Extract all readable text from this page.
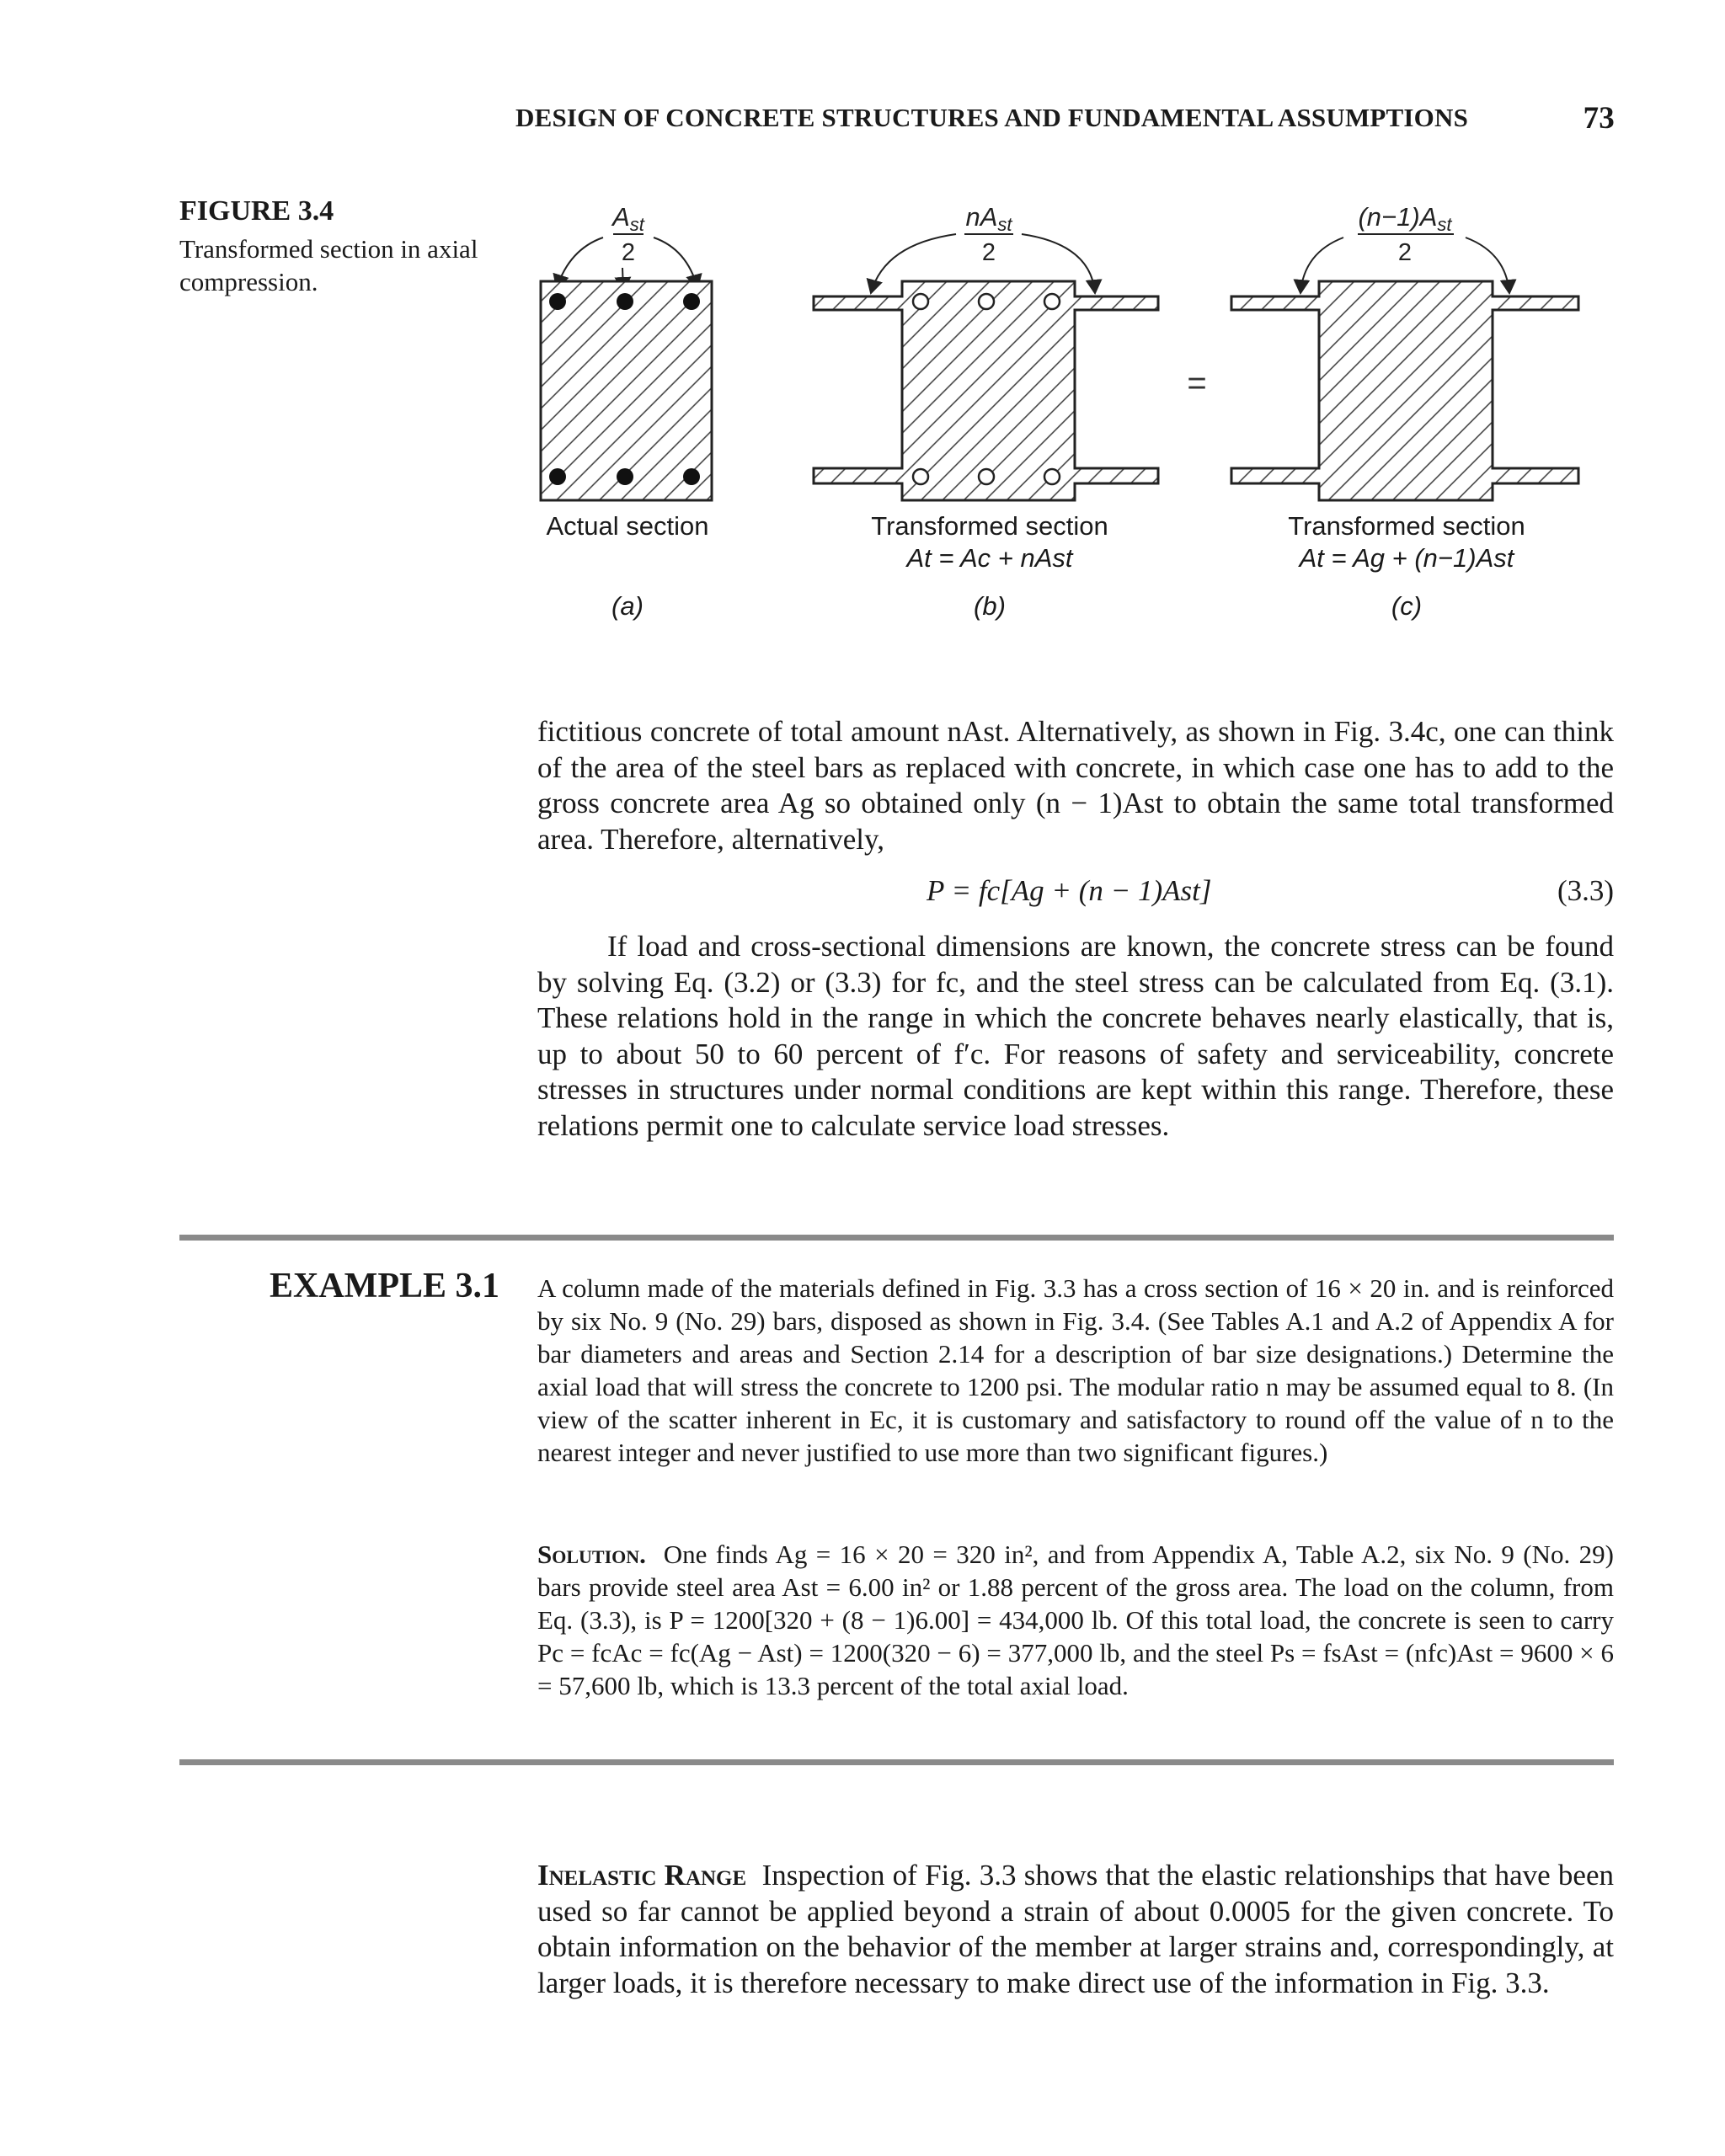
DESIGN OF CONCRETE STRUCTURES AND FUNDAMENTAL ASSUMPTIONS	73
FIGURE 3.4
Transformed section in axial compression.
Ast
2
nAst
2
=
(n−1)Ast
2
Actual section
(a)
Transformed section
At = Ac + nAst
(b)
Transformed section
At = Ag + (n−1)Ast
(c)

fictitious concrete of total amount nAst. Alternatively, as shown in Fig. 3.4c, one can think of the area of the steel bars as replaced with concrete, in which case one has to add to the gross concrete area Ag so obtained only (n − 1)Ast to obtain the same total transformed area. Therefore, alternatively,

P = fc[Ag + (n − 1)Ast]	(3.3)

If load and cross-sectional dimensions are known, the concrete stress can be found by solving Eq. (3.2) or (3.3) for fc, and the steel stress can be calculated from Eq. (3.1). These relations hold in the range in which the concrete behaves nearly elastically, that is, up to about 50 to 60 percent of f′c. For reasons of safety and serviceability, concrete stresses in structures under normal conditions are kept within this range. Therefore, these relations permit one to calculate service load stresses.

EXAMPLE 3.1 A column made of the materials defined in Fig. 3.3 has a cross section of 16 × 20 in. and is reinforced by six No. 9 (No. 29) bars, disposed as shown in Fig. 3.4. (See Tables A.1 and A.2 of Appendix A for bar diameters and areas and Section 2.14 for a description of bar size designations.) Determine the axial load that will stress the concrete to 1200 psi. The modular ratio n may be assumed equal to 8. (In view of the scatter inherent in Ec, it is customary and satisfactory to round off the value of n to the nearest integer and never justified to use more than two significant figures.)

Solution. One finds Ag = 16 × 20 = 320 in², and from Appendix A, Table A.2, six No. 9 (No. 29) bars provide steel area Ast = 6.00 in² or 1.88 percent of the gross area. The load on the column, from Eq. (3.3), is P = 1200[320 + (8 − 1)6.00] = 434,000 lb. Of this total load, the concrete is seen to carry Pc = fcAc = fc(Ag − Ast) = 1200(320 − 6) = 377,000 lb, and the steel Ps = fsAst = (nfc)Ast = 9600 × 6 = 57,600 lb, which is 13.3 percent of the total axial load.

Inelastic Range Inspection of Fig. 3.3 shows that the elastic relationships that have been used so far cannot be applied beyond a strain of about 0.0005 for the given concrete. To obtain information on the behavior of the member at larger strains and, correspondingly, at larger loads, it is therefore necessary to make direct use of the information in Fig. 3.3.
